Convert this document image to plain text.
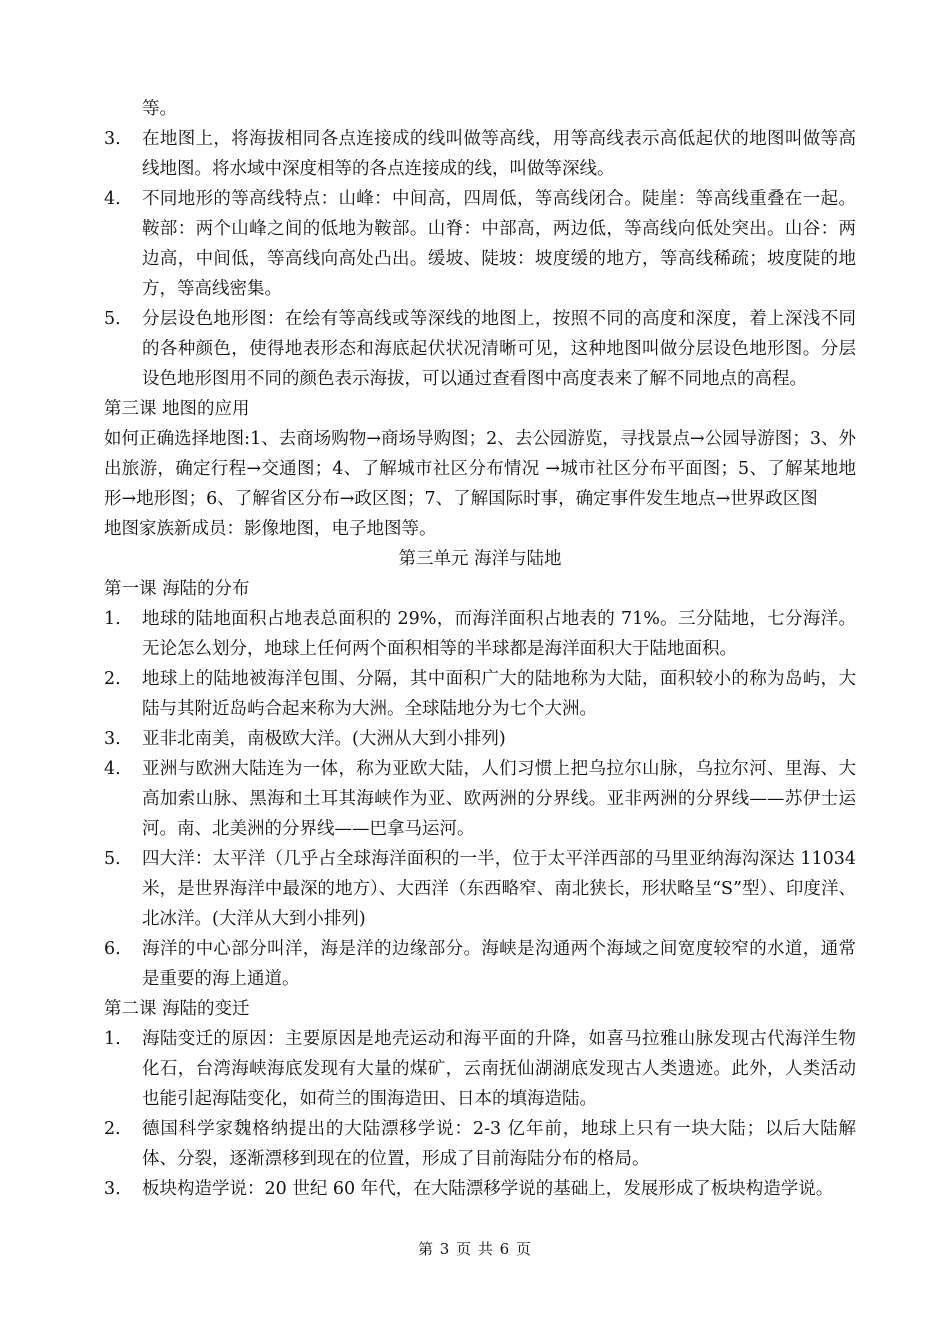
等。

3. 在地图上，将海拔相同各点连接成的线叫做等高线，用等高线表示高低起伏的地图叫做等高线地图。将水域中深度相等的各点连接成的线，叫做等深线。
4. 不同地形的等高线特点：山峰：中间高，四周低，等高线闭合。陡崖：等高线重叠在一起。鞍部：两个山峰之间的低地为鞍部。山脊：中部高，两边低，等高线向低处突出。山谷：两边高，中间低，等高线向高处凸出。缓坡、陡坡：坡度缓的地方，等高线稀疏；坡度陡的地方，等高线密集。
5. 分层设色地形图：在绘有等高线或等深线的地图上，按照不同的高度和深度，着上深浅不同的各种颜色，使得地表形态和海底起伏状况清晰可见，这种地图叫做分层设色地形图。分层设色地形图用不同的颜色表示海拔，可以通过查看图中高度表来了解不同地点的高程。

第三课 地图的应用

如何正确选择地图:1、去商场购物→商场导购图；2、去公园游览，寻找景点→公园导游图；3、外出旅游，确定行程→交通图；4、了解城市社区分布情况 →城市社区分布平面图；5、了解某地地形→地形图；6、了解省区分布→政区图；7、了解国际时事，确定事件发生地点→世界政区图

地图家族新成员：影像地图，电子地图等。

第三单元 海洋与陆地

第一课 海陆的分布

1. 地球的陆地面积占地表总面积的 29%，而海洋面积占地表的 71%。三分陆地，七分海洋。无论怎么划分，地球上任何两个面积相等的半球都是海洋面积大于陆地面积。
2. 地球上的陆地被海洋包围、分隔，其中面积广大的陆地称为大陆，面积较小的称为岛屿，大陆与其附近岛屿合起来称为大洲。全球陆地分为七个大洲。
3. 亚非北南美，南极欧大洋。(大洲从大到小排列)
4. 亚洲与欧洲大陆连为一体，称为亚欧大陆，人们习惯上把乌拉尔山脉，乌拉尔河、里海、大高加索山脉、黑海和土耳其海峡作为亚、欧两洲的分界线。亚非两洲的分界线——苏伊士运河。南、北美洲的分界线——巴拿马运河。
5. 四大洋：太平洋（几乎占全球海洋面积的一半，位于太平洋西部的马里亚纳海沟深达 11034 米，是世界海洋中最深的地方）、大西洋（东西略窄、南北狭长，形状略呈“S”型）、印度洋、北冰洋。(大洋从大到小排列)
6. 海洋的中心部分叫洋，海是洋的边缘部分。海峡是沟通两个海域之间宽度较窄的水道，通常是重要的海上通道。

第二课 海陆的变迁

1. 海陆变迁的原因：主要原因是地壳运动和海平面的升降，如喜马拉雅山脉发现古代海洋生物化石，台湾海峡海底发现有大量的煤矿，云南抚仙湖湖底发现古人类遗迹。此外，人类活动也能引起海陆变化，如荷兰的围海造田、日本的填海造陆。
2. 德国科学家魏格纳提出的大陆漂移学说：2-3 亿年前，地球上只有一块大陆；以后大陆解体、分裂，逐渐漂移到现在的位置，形成了目前海陆分布的格局。
3. 板块构造学说：20 世纪 60 年代，在大陆漂移学说的基础上，发展形成了板块构造学说。
第 3 页 共 6 页
